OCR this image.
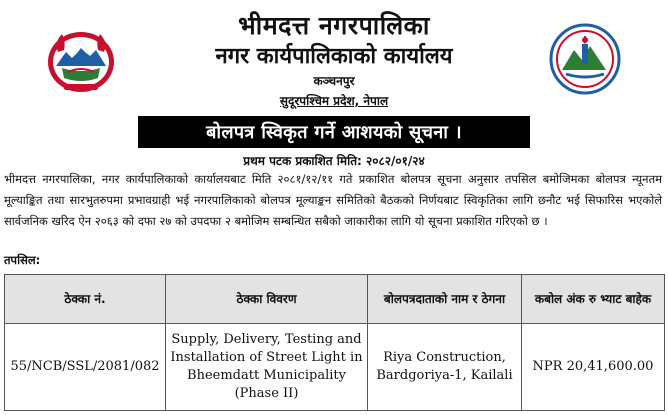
भीमदत्त नगरपालिका
नगर कार्यपालिकाको कार्यालय
कञ्चनपुर
सुदूरपश्चिम प्रदेश, नेपाल
बोलपत्र स्विकृत गर्ने आशयको सूचना ।
प्रथम पटक प्रकाशित मिति: २०८२/०१/२४

भीमदत्त नगरपालिका, नगर कार्यपालिकाको कार्यालयबाट मिति २०८१/१२/११ गते प्रकाशित बोलपत्र सूचना अनुसार तपसिल बमोजिमका बोलपत्र न्यूनतम मूल्याङ्कित तथा सारभुतरुपमा प्रभावग्राही भई नगरपालिकाको बोलपत्र मूल्याङ्कन समितिको बैठकको निर्णयबाट स्विकृतिका लागि छनौट भई सिफारिस भएकोले सार्वजनिक खरिद ऐन २०६३ को दफा २७ को उपदफा २ बमोजिम सम्बन्धित सबैको जाकारीका लागि यो सूचना प्रकाशित गरिएको छ ।

तपसिल:
ठेक्का नं.	ठेक्का विवरण	बोलपत्रदाताको नाम र ठेगना	कबोल अंक रु भ्याट बाहेक
55/NCB/SSL/2081/082	Supply, Delivery, Testing and Installation of Street Light in Bheemdatt Municipality (Phase II)	Riya Construction, Bardgoriya-1, Kailali	NPR 20,41,600.00
